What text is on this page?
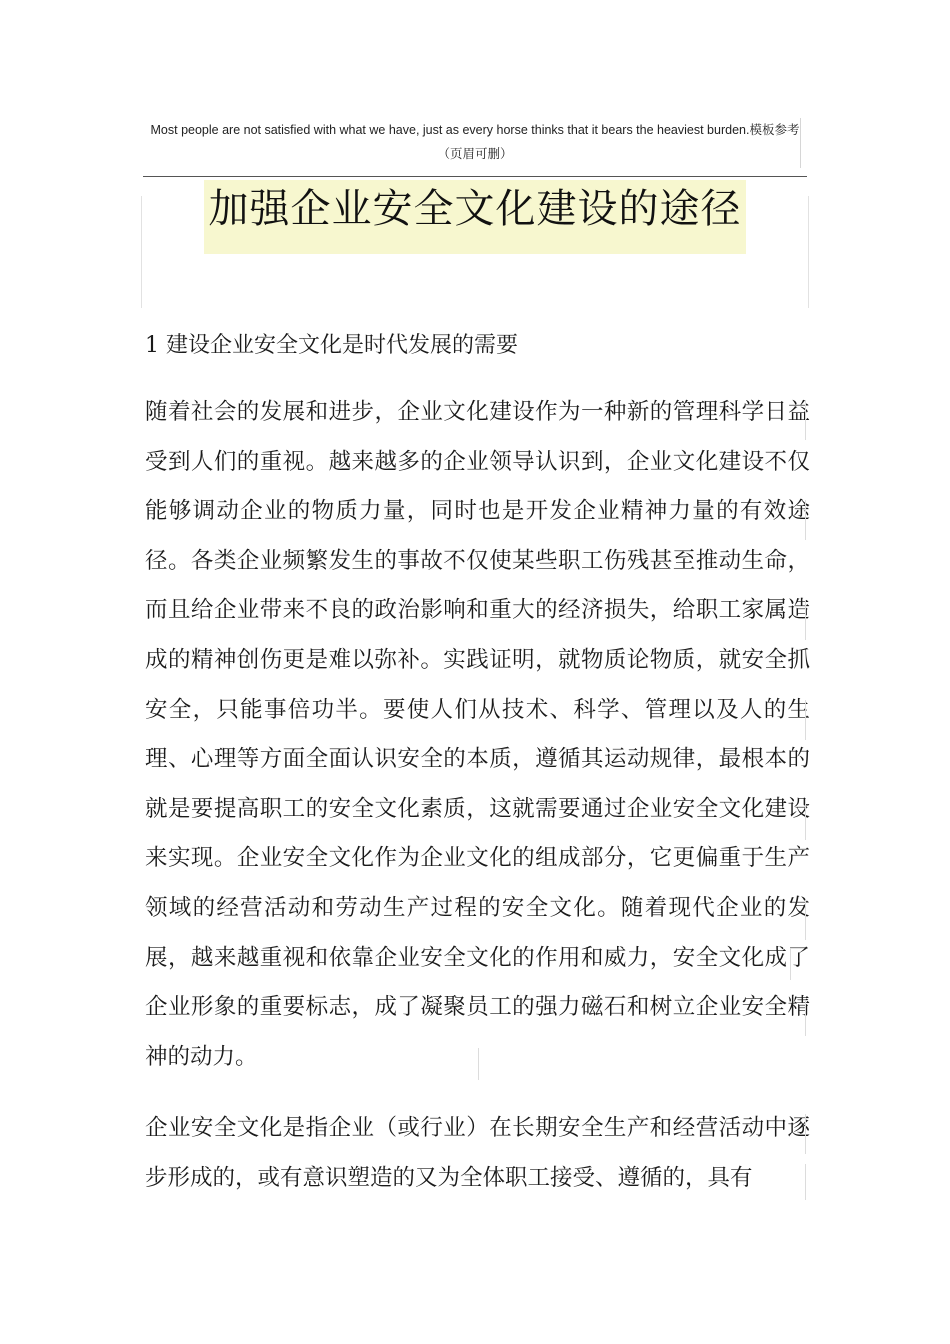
Most people are not satisfied with what we have, just as every horse thinks that it bears the heaviest burden.模板参考（页眉可删）
加强企业安全文化建设的途径
1 建设企业安全文化是时代发展的需要

随着社会的发展和进步，企业文化建设作为一种新的管理科学日益受到人们的重视。越来越多的企业领导认识到，企业文化建设不仅能够调动企业的物质力量，同时也是开发企业精神力量的有效途径。各类企业频繁发生的事故不仅使某些职工伤残甚至推动生命，而且给企业带来不良的政治影响和重大的经济损失，给职工家属造成的精神创伤更是难以弥补。实践证明，就物质论物质，就安全抓安全，只能事倍功半。要使人们从技术、科学、管理以及人的生理、心理等方面全面认识安全的本质，遵循其运动规律，最根本的就是要提高职工的安全文化素质，这就需要通过企业安全文化建设来实现。企业安全文化作为企业文化的组成部分，它更偏重于生产领域的经营活动和劳动生产过程的安全文化。随着现代企业的发展，越来越重视和依靠企业安全文化的作用和威力，安全文化成了企业形象的重要标志，成了凝聚员工的强力磁石和树立企业安全精神的动力。

企业安全文化是指企业（或行业）在长期安全生产和经营活动中逐步形成的，或有意识塑造的又为全体职工接受、遵循的，具有
